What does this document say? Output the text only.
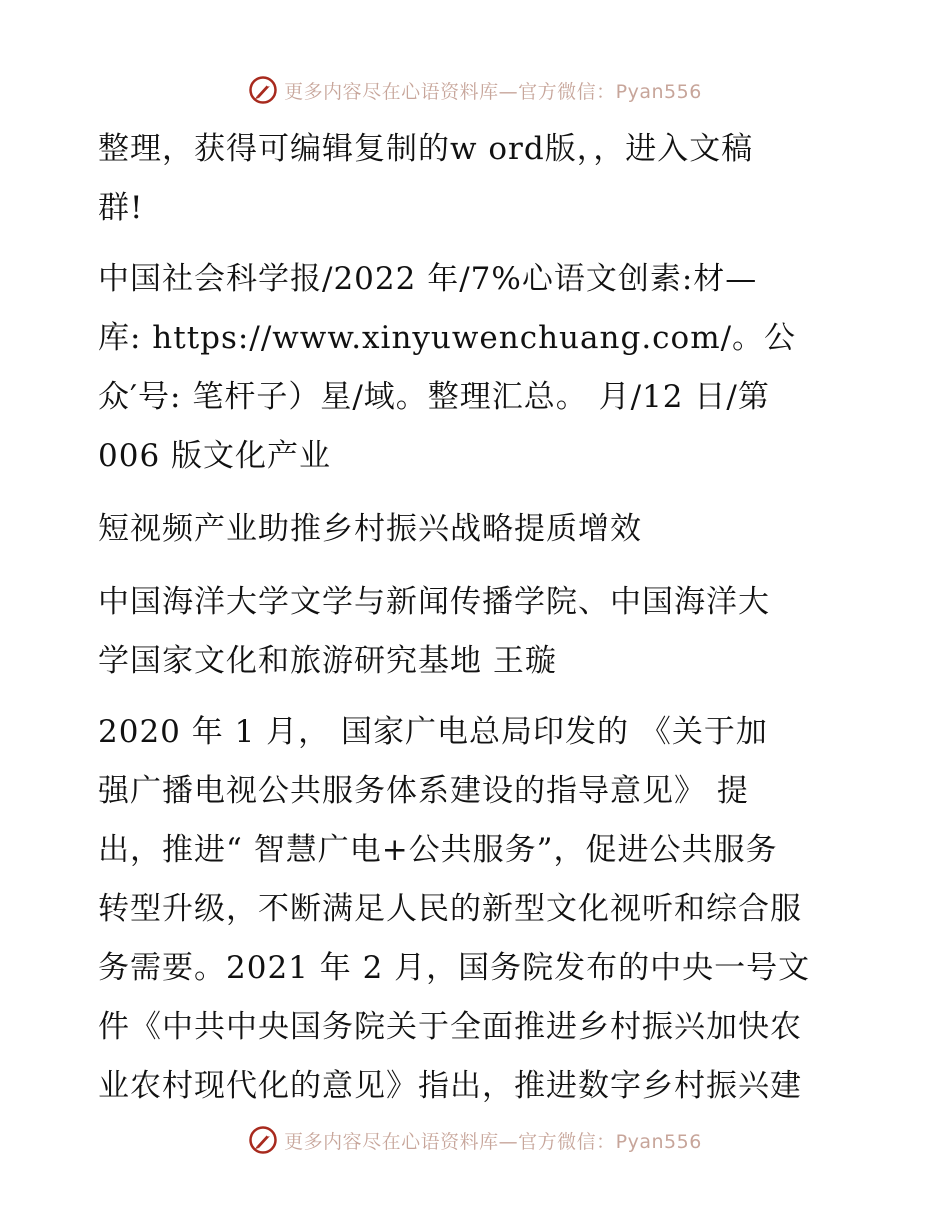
更多内容尽在心语资料库—官方微信：Pyan556

整理，获得可编辑复制的w ord版，，进入文稿
群!

中国社会科学报/2022 年/7%心语文创素:材—
库: https://www.xinyuwenchuang.com/。公
众′号: 笔杆子）星/域。整理汇总。 月/12 日/第
006 版文化产业

短视频产业助推乡村振兴战略提质增效

中国海洋大学文学与新闻传播学院、中国海洋大
学国家文化和旅游研究基地 王璇

2020 年 1 月， 国家广电总局印发的 《关于加
强广播电视公共服务体系建设的指导意见》 提
出，推进“ 智慧广电+公共服务”，促进公共服务
转型升级，不断满足人民的新型文化视听和综合服
务需要。2021 年 2 月，国务院发布的中央一号文
件《中共中央国务院关于全面推进乡村振兴加快农
业农村现代化的意见》指出，推进数字乡村振兴建

更多内容尽在心语资料库—官方微信：Pyan556
